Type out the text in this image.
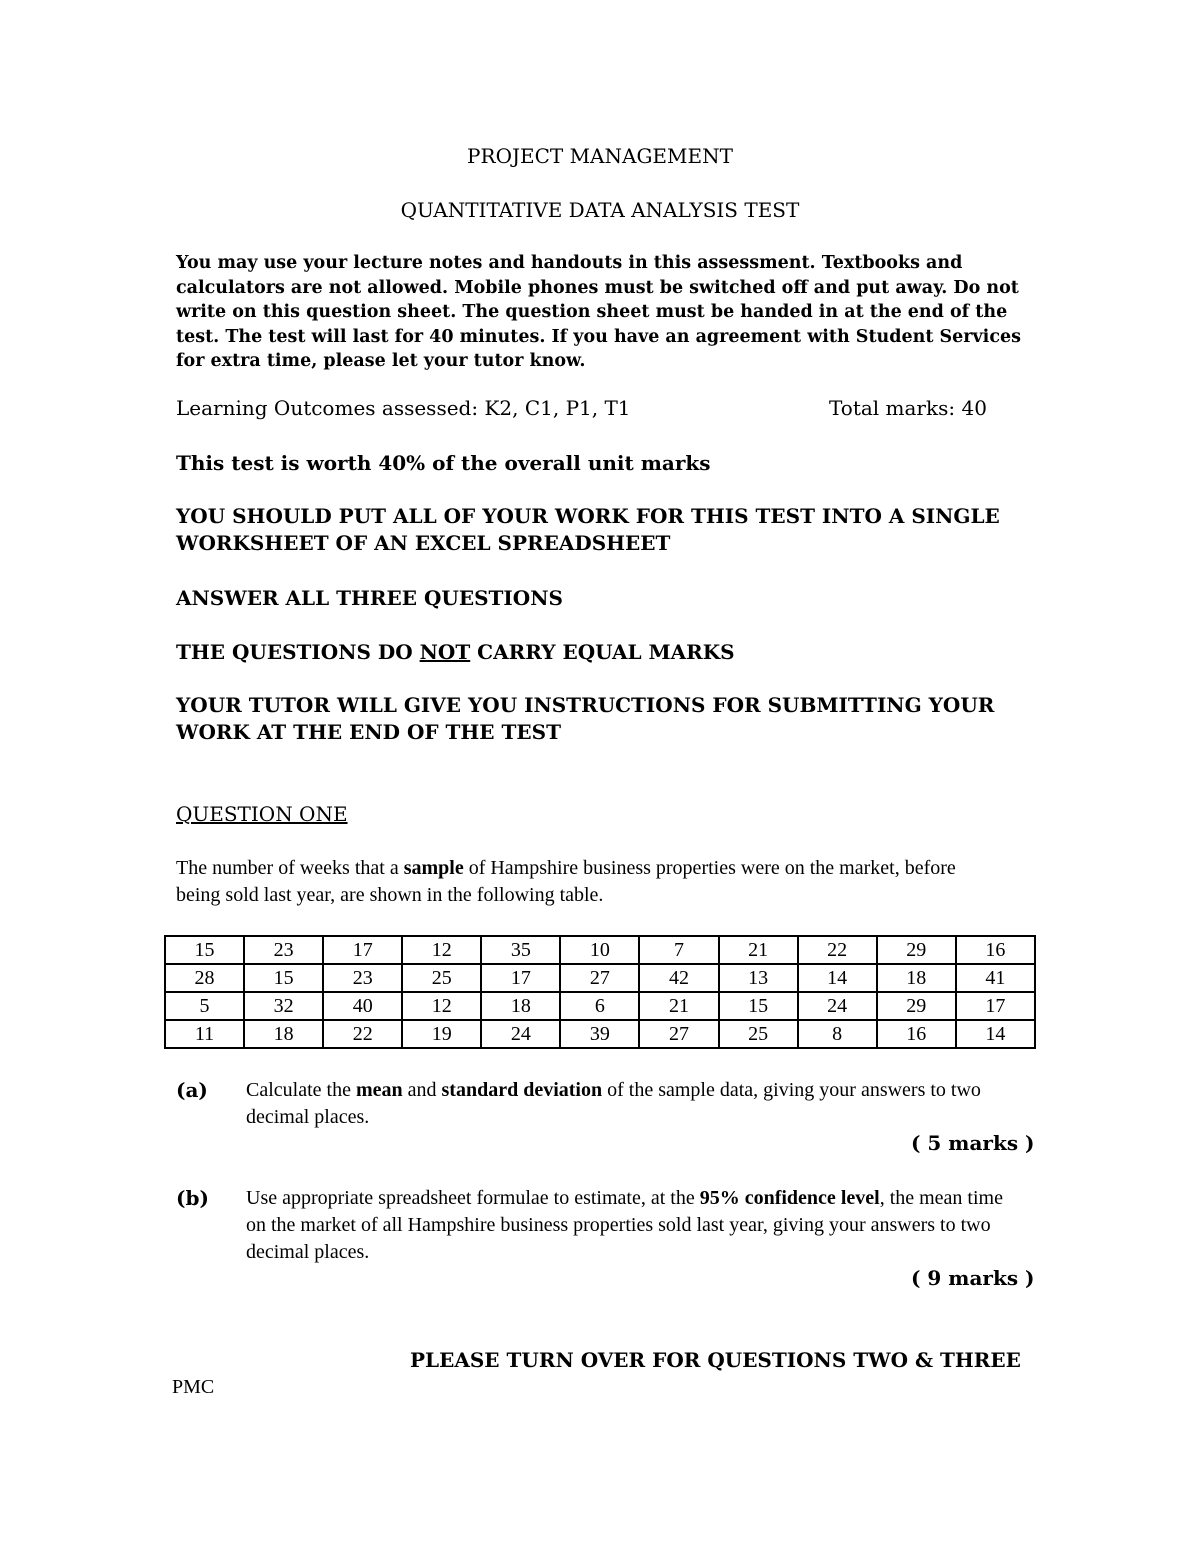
PROJECT MANAGEMENT
QUANTITATIVE DATA ANALYSIS TEST

You may use your lecture notes and handouts in this assessment. Textbooks and calculators are not allowed. Mobile phones must be switched off and put away. Do not write on this question sheet. The question sheet must be handed in at the end of the test. The test will last for 40 minutes. If you have an agreement with Student Services for extra time, please let your tutor know.

Learning Outcomes assessed: K2, C1, P1, T1	Total marks: 40
This test is worth 40% of the overall unit marks
YOU SHOULD PUT ALL OF YOUR WORK FOR THIS TEST INTO A SINGLE
WORKSHEET OF AN EXCEL SPREADSHEET
ANSWER ALL THREE QUESTIONS
THE QUESTIONS DO NOT CARRY EQUAL MARKS
YOUR TUTOR WILL GIVE YOU INSTRUCTIONS FOR SUBMITTING YOUR
WORK AT THE END OF THE TEST
QUESTION ONE

The number of weeks that a sample of Hampshire business properties were on the market, before being sold last year, are shown in the following table.

15	23	17	12	35	10	7	21	22	29	16
28	15	23	25	17	27	42	13	14	18	41
5	32	40	12	18	6	21	15	24	29	17
11	18	22	19	24	39	27	25	8	16	14
(a) Calculate the mean and standard deviation of the sample data, giving your answers to two decimal places.

( 5 marks )
(b) Use appropriate spreadsheet formulae to estimate, at the 95% confidence level, the mean time on the market of all Hampshire business properties sold last year, giving your answers to two decimal places.

( 9 marks )
PLEASE TURN OVER FOR QUESTIONS TWO & THREE
PMC
